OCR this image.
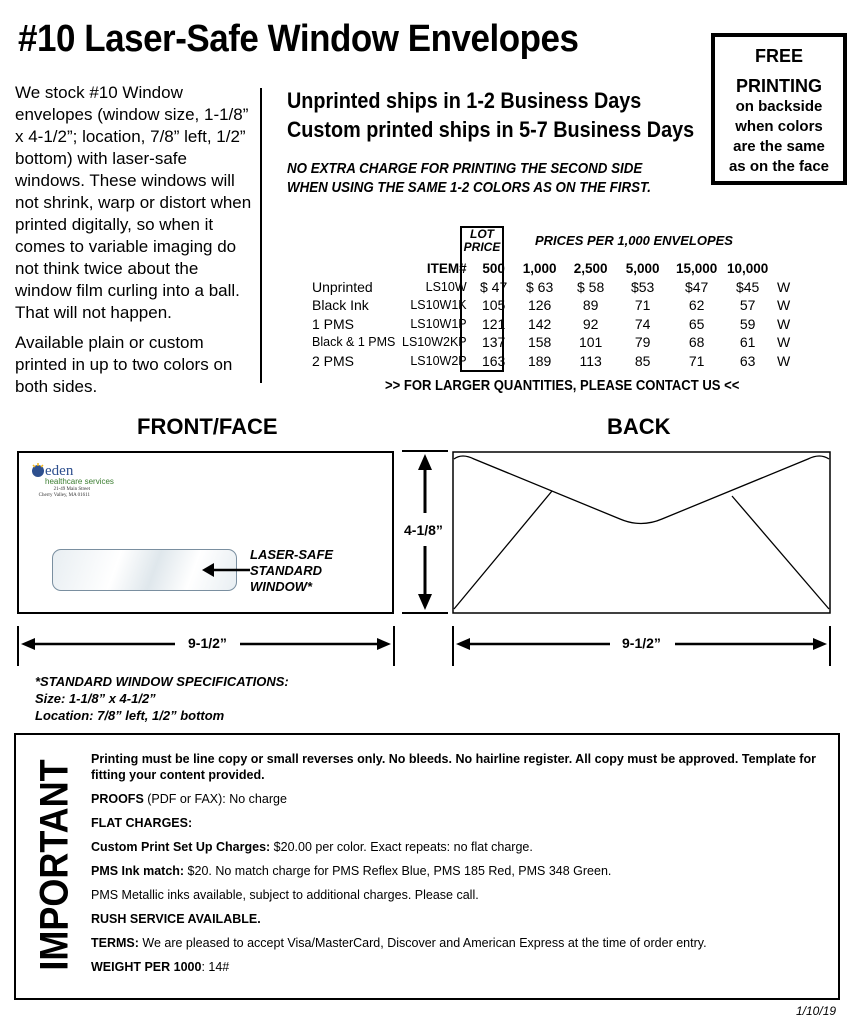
#10 Laser-Safe Window Envelopes	FREE
PRINTING
on backside
when colors
are the same
as on the face

We stock #10 Window envelopes (window size, 1-1/8” x 4-1/2”; location, 7/8” left, 1/2” bottom) with laser-safe windows. These windows will not shrink, warp or distort when printed digitally, so when it comes to variable imaging do not think twice about the window film curling into a ball. That will not happen.

Available plain or custom printed in up to two colors on both sides.

Unprinted ships in 1-2 Business Days
Custom printed ships in 5-7 Business Days
NO EXTRA CHARGE FOR PRINTING THE SECOND SIDE
WHEN USING THE SAME 1-2 COLORS AS ON THE FIRST.
LOT
PRICE	PRICES PER 1,000 ENVELOPES
	ITEM#	500	1,000	2,500	5,000	15,000	10,000	
Unprinted	LS10W	$ 47	$ 63	$ 58	$53	$47	$45	W
Black Ink	LS10W1K	105	126	89	71	62	57	W
1 PMS	LS10W1P	121	142	92	74	65	59	W
Black & 1 PMS	LS10W2KP	137	158	101	79	68	61	W
2 PMS	LS10W2P	163	189	113	85	71	63	W
>> FOR LARGER QUANTITIES, PLEASE CONTACT US <<
FRONT/FACE	BACK
eden
healthcare services
21-49 Main Street
Cherry Valley, MA 01611
LASER-SAFE
STANDARD
WINDOW*
4-1/8”
9-1/2”	9-1/2”
*STANDARD WINDOW SPECIFICATIONS:
Size: 1-1/8” x 4-1/2”
Location: 7/8” left, 1/2” bottom
IMPORTANT

Printing must be line copy or small reverses only. No bleeds. No hairline register. All copy must be approved. Template for fitting your content provided.

PROOFS (PDF or FAX): No charge

FLAT CHARGES:

Custom Print Set Up Charges: $20.00 per color. Exact repeats: no flat charge.

PMS Ink match: $20. No match charge for PMS Reflex Blue, PMS 185 Red, PMS 348 Green.

PMS Metallic inks available, subject to additional charges. Please call.

RUSH SERVICE AVAILABLE.

TERMS: We are pleased to accept Visa/MasterCard, Discover and American Express at the time of order entry.

WEIGHT PER 1000: 14#

1/10/19
